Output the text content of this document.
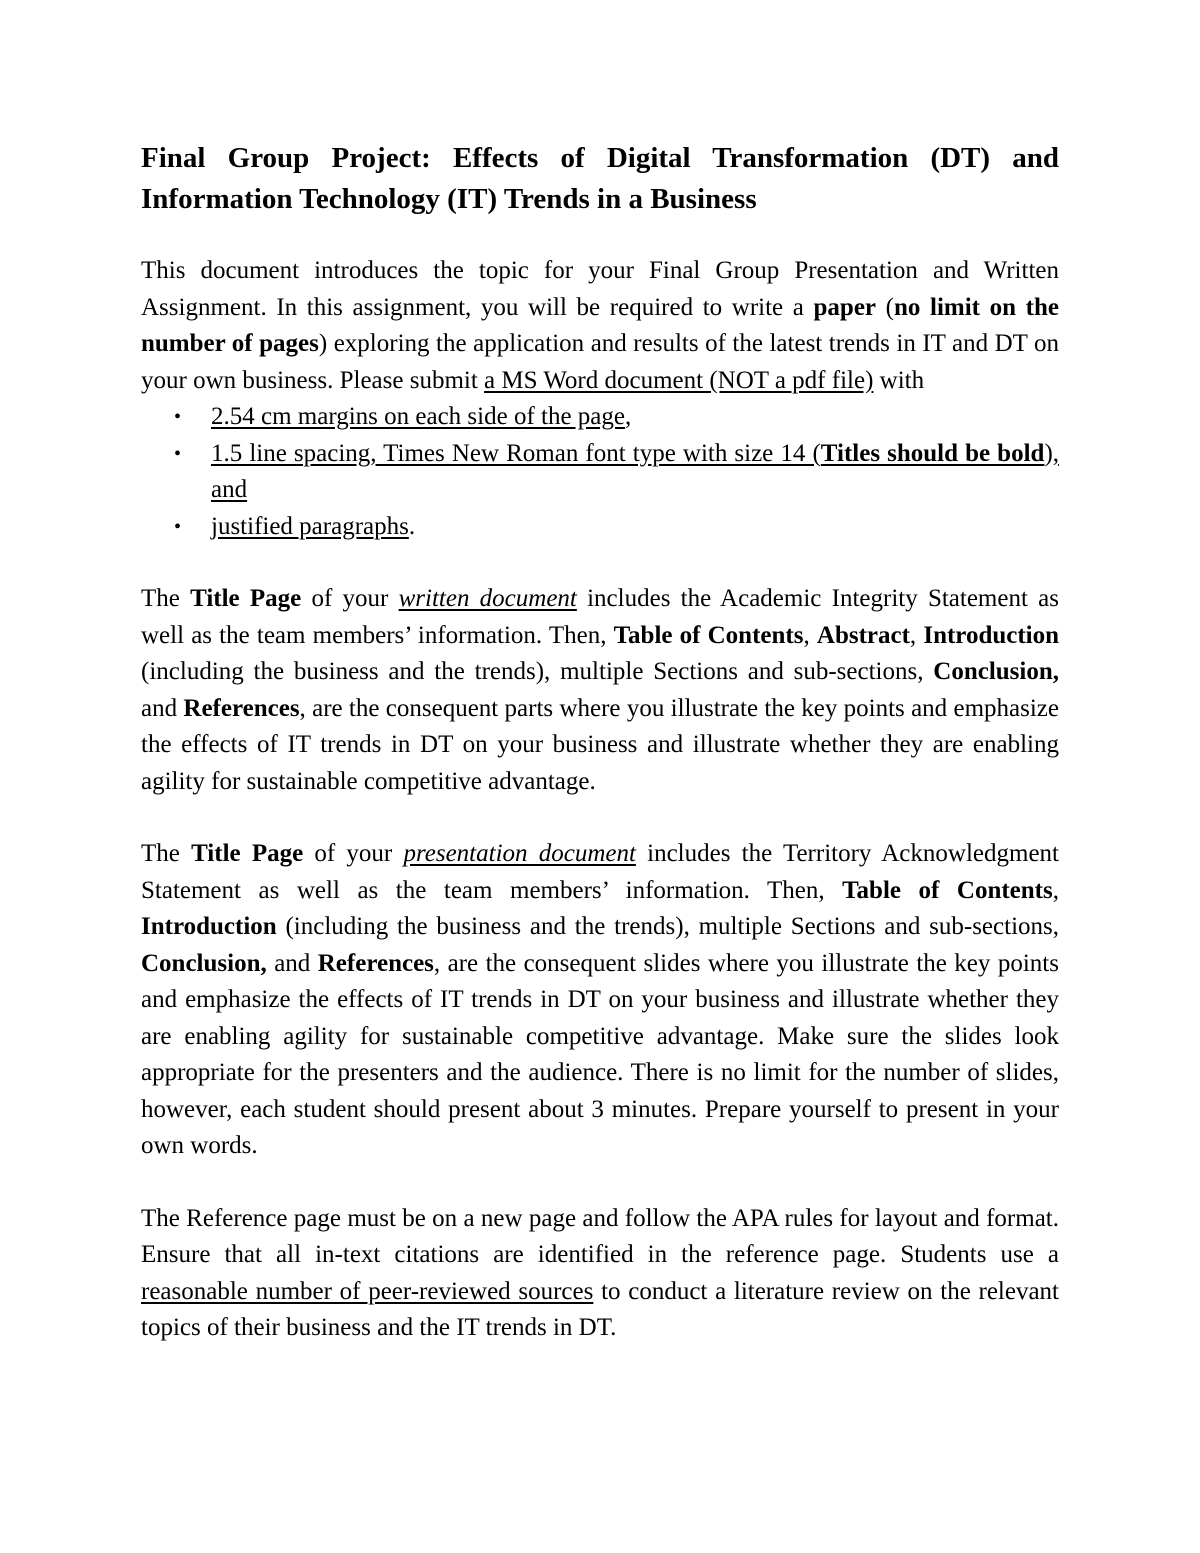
Final Group Project: Effects of Digital Transformation (DT) and Information Technology (IT) Trends in a Business

This document introduces the topic for your Final Group Presentation and Written Assignment. In this assignment, you will be required to write a paper (no limit on the number of pages) exploring the application and results of the latest trends in IT and DT on your own business. Please submit a MS Word document (NOT a pdf file) with

• 2.54 cm margins on each side of the page,
• 1.5 line spacing, Times New Roman font type with size 14 (Titles should be bold), and
• justified paragraphs.

The Title Page of your written document includes the Academic Integrity Statement as well as the team members’ information. Then, Table of Contents, Abstract, Introduction (including the business and the trends), multiple Sections and sub-sections, Conclusion, and References, are the consequent parts where you illustrate the key points and emphasize the effects of IT trends in DT on your business and illustrate whether they are enabling agility for sustainable competitive advantage.

The Title Page of your presentation document includes the Territory Acknowledgment Statement as well as the team members’ information. Then, Table of Contents, Introduction (including the business and the trends), multiple Sections and sub-sections, Conclusion, and References, are the consequent slides where you illustrate the key points and emphasize the effects of IT trends in DT on your business and illustrate whether they are enabling agility for sustainable competitive advantage. Make sure the slides look appropriate for the presenters and the audience. There is no limit for the number of slides, however, each student should present about 3 minutes. Prepare yourself to present in your own words.

The Reference page must be on a new page and follow the APA rules for layout and format. Ensure that all in-text citations are identified in the reference page. Students use a reasonable number of peer-reviewed sources to conduct a literature review on the relevant topics of their business and the IT trends in DT.
